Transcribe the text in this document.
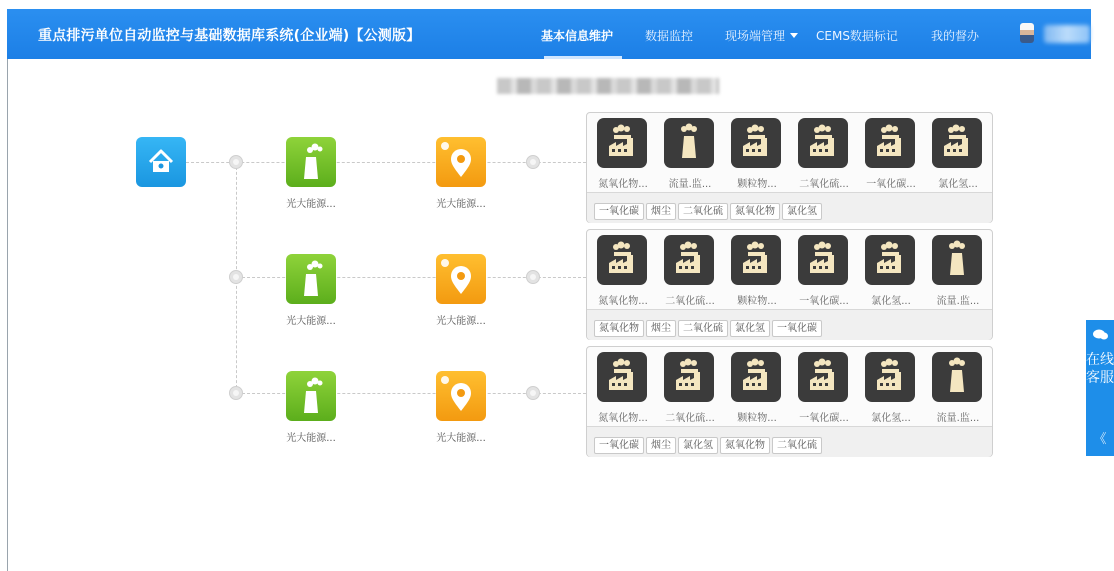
重点排污单位自动监控与基础数据库系统(企业端)【公测版】	基本信息维护	数据监控	现场端管理	CEMS数据标记	我的督办
光大能源...	光大能源...
光大能源...	光大能源...
光大能源...	光大能源...
氮氧化物...	流量.监...	颗粒物...	二氧化硫...	一氧化碳...	氯化氢...
一氧化碳 烟尘 二氧化硫 氮氧化物 氯化氢
氮氧化物...	二氧化硫...	颗粒物...	一氧化碳...	氯化氢...	流量.监...
氮氧化物 烟尘 二氧化硫 氯化氢 一氧化碳
氮氧化物...	二氧化硫...	颗粒物...	一氧化碳...	氯化氢...	流量.监...
一氧化碳 烟尘 氯化氢 氮氧化物 二氧化硫
在线客服
《
